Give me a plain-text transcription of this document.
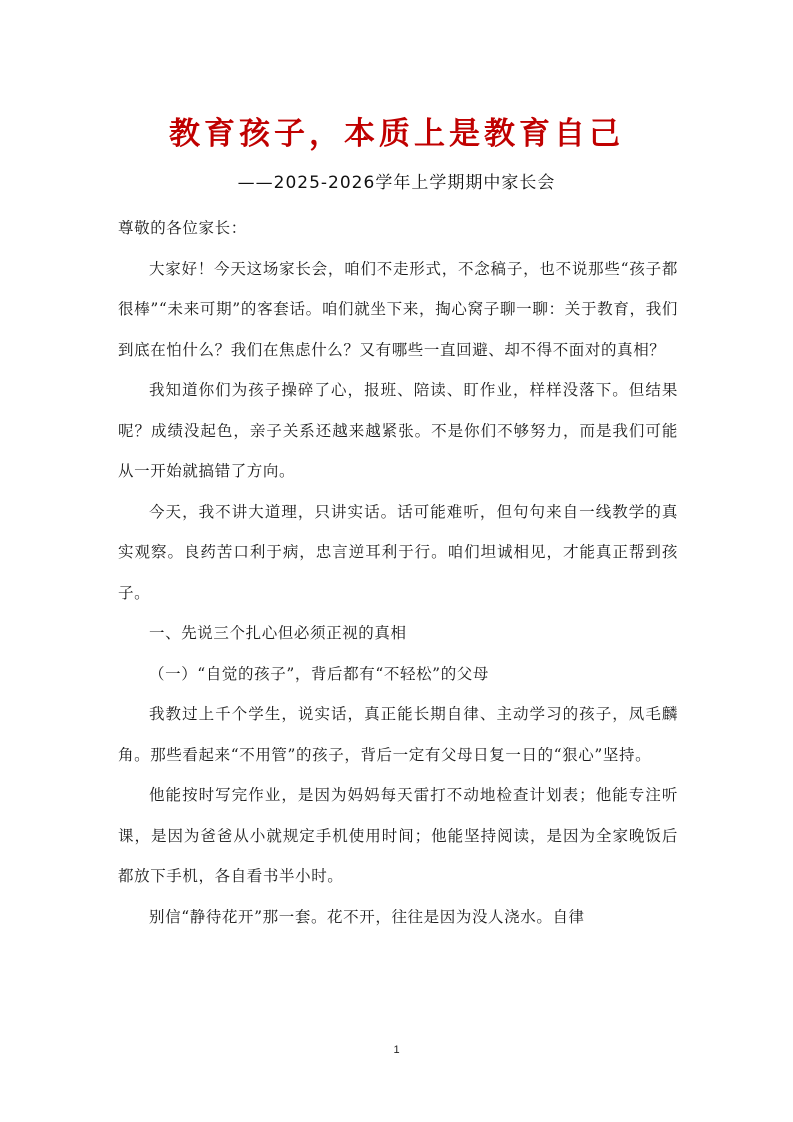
教育孩子，本质上是教育自己
——2025-2026学年上学期期中家长会

尊敬的各位家长：

大家好！今天这场家长会，咱们不走形式，不念稿子，也不说那些“孩子都很棒”“未来可期”的客套话。咱们就坐下来，掏心窝子聊一聊：关于教育，我们到底在怕什么？我们在焦虑什么？又有哪些一直回避、却不得不面对的真相？

我知道你们为孩子操碎了心，报班、陪读、盯作业，样样没落下。但结果呢？成绩没起色，亲子关系还越来越紧张。不是你们不够努力，而是我们可能从一开始就搞错了方向。

今天，我不讲大道理，只讲实话。话可能难听，但句句来自一线教学的真实观察。良药苦口利于病，忠言逆耳利于行。咱们坦诚相见，才能真正帮到孩子。

一、先说三个扎心但必须正视的真相

（一）“自觉的孩子”，背后都有“不轻松”的父母

我教过上千个学生，说实话，真正能长期自律、主动学习的孩子，凤毛麟角。那些看起来“不用管”的孩子，背后一定有父母日复一日的“狠心”坚持。

他能按时写完作业，是因为妈妈每天雷打不动地检查计划表；他能专注听课，是因为爸爸从小就规定手机使用时间；他能坚持阅读，是因为全家晚饭后都放下手机，各自看书半小时。

别信“静待花开”那一套。花不开，往往是因为没人浇水。自律

1
